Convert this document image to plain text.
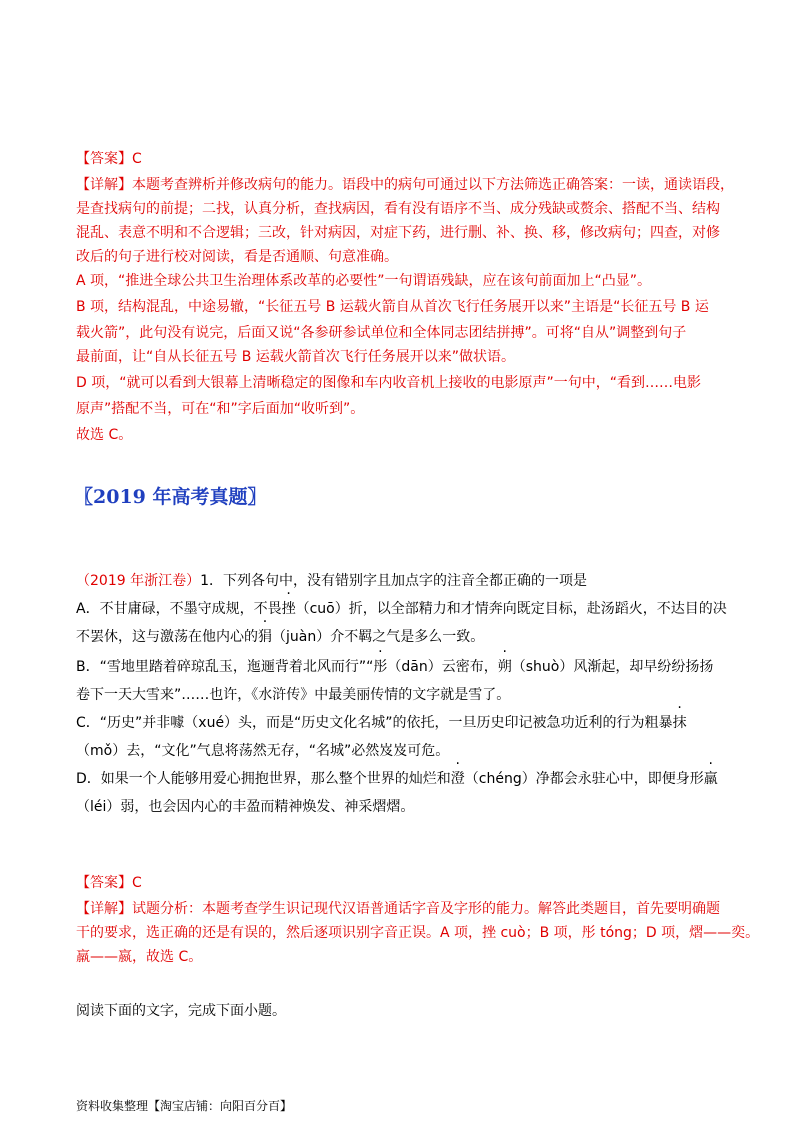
【答案】C
【详解】本题考查辨析并修改病句的能力。语段中的病句可通过以下方法筛选正确答案：一读，通读语段，
是查找病句的前提；二找，认真分析，查找病因，看有没有语序不当、成分残缺或赘余、搭配不当、结构
混乱、表意不明和不合逻辑；三改，针对病因，对症下药，进行删、补、换、移，修改病句；四查，对修
改后的句子进行校对阅读，看是否通顺、句意准确。
A 项，“推进全球公共卫生治理体系改革的必要性”一句谓语残缺，应在该句前面加上“凸显”。
B 项，结构混乱，中途易辙，“长征五号 B 运载火箭自从首次飞行任务展开以来”主语是“长征五号 B 运
载火箭”，此句没有说完，后面又说“各参研参试单位和全体同志团结拼搏”。可将“自从”调整到句子
最前面，让“自从长征五号 B 运载火箭首次飞行任务展开以来”做状语。
D 项，“就可以看到大银幕上清晰稳定的图像和车内收音机上接收的电影原声”一句中，“看到……电影
原声”搭配不当，可在“和”字后面加“收听到”。
故选 C。
〖2019 年高考真题〗
（2019 年浙江卷）1．下列各句中，没有错别字且加点字的注音全都正确的一项是
A．不甘庸碌，不墨守成规，不畏挫（cuō）折，以全部精力和才情奔向既定目标，赴汤蹈火，不达目的决
不罢休，这与激荡在他内心的狷（juàn）介不羁之气是多么一致。
B．“雪地里踏着碎琼乱玉，迤逦背着北风而行”“彤（dān）云密布，朔（shuò）风渐起，却早纷纷扬扬
卷下一天大雪来”……也许，《水浒传》中最美丽传情的文字就是雪了。
C．“历史”并非噱（xué）头，而是“历史文化名城”的依托，一旦历史印记被急功近利的行为粗暴抹
（mǒ）去，“文化”气息将荡然无存，“名城”必然岌岌可危。
D．如果一个人能够用爱心拥抱世界，那么整个世界的灿烂和澄（chéng）净都会永驻心中，即便身形羸
（léi）弱，也会因内心的丰盈而精神焕发、神采熠熠。
【答案】C
【详解】试题分析：本题考查学生识记现代汉语普通话字音及字形的能力。解答此类题目，首先要明确题
干的要求，选正确的还是有误的，然后逐项识别字音正误。A 项，挫 cuò；B 项，彤 tóng；D 项，熠——奕。
羸——嬴，故选 C。
阅读下面的文字，完成下面小题。
资料收集整理【淘宝店铺：向阳百分百】
